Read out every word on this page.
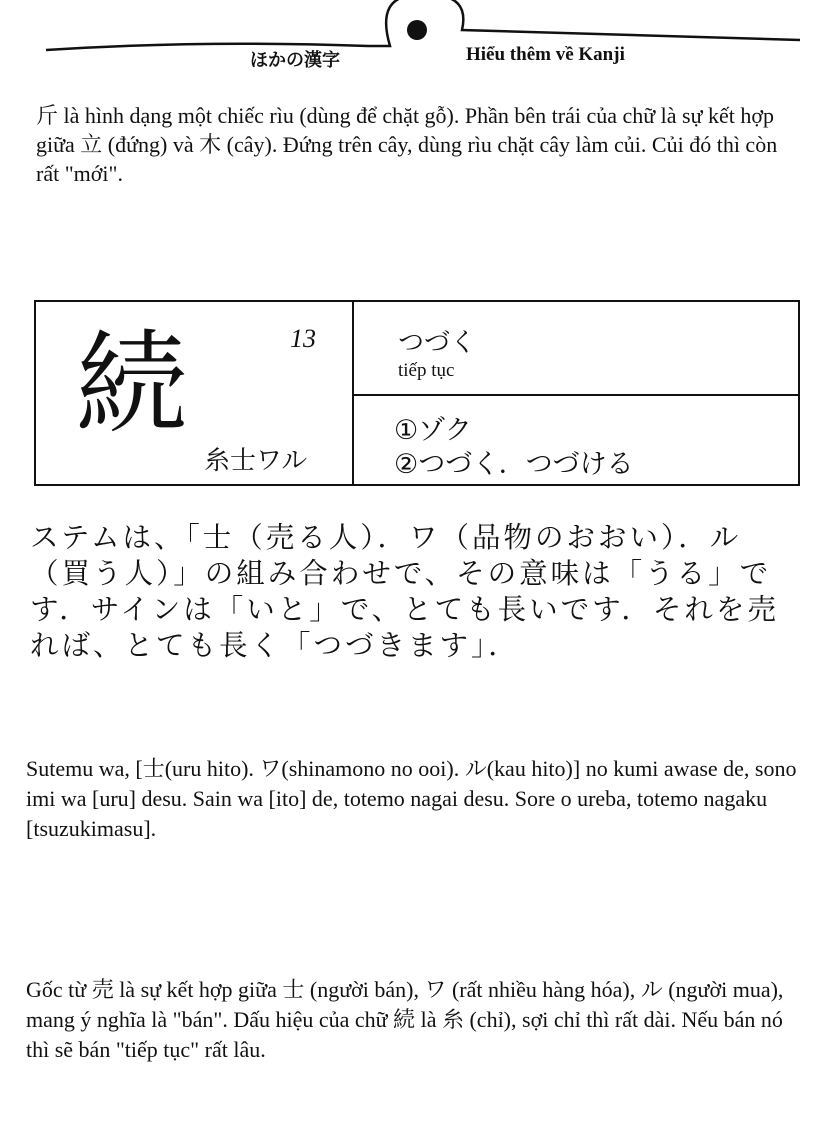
ほかの漢字	Hiểu thêm về Kanji

斤 là hình dạng một chiếc rìu (dùng để chặt gỗ). Phần bên trái của chữ là sự kết hợp giữa 立 (đứng) và 木 (cây). Đứng trên cây, dùng rìu chặt cây làm củi. Củi đó thì còn rất "mới".

13
続
糸士ワル
つづく
tiếp tục
①ゾク
②つづく．つづける

ステムは、「士（売る人）．ワ（品物のおおい）．ル（買う人）」の組み合わせで、その意味は「うる」です．サインは「いと」で、とても長いです．それを売れば、とても長く「つづきます」．

Sutemu wa, [士(uru hito). ワ(shinamono no ooi). ル(kau hito)] no kumi awase de, sono imi wa [uru] desu. Sain wa [ito] de, totemo nagai desu. Sore o ureba, totemo nagaku [tsuzukimasu].

Gốc từ 売 là sự kết hợp giữa 士 (người bán), ワ (rất nhiều hàng hóa), ル (người mua), mang ý nghĩa là "bán". Dấu hiệu của chữ 続 là 糸 (chỉ), sợi chỉ thì rất dài. Nếu bán nó thì sẽ bán "tiếp tục" rất lâu.
